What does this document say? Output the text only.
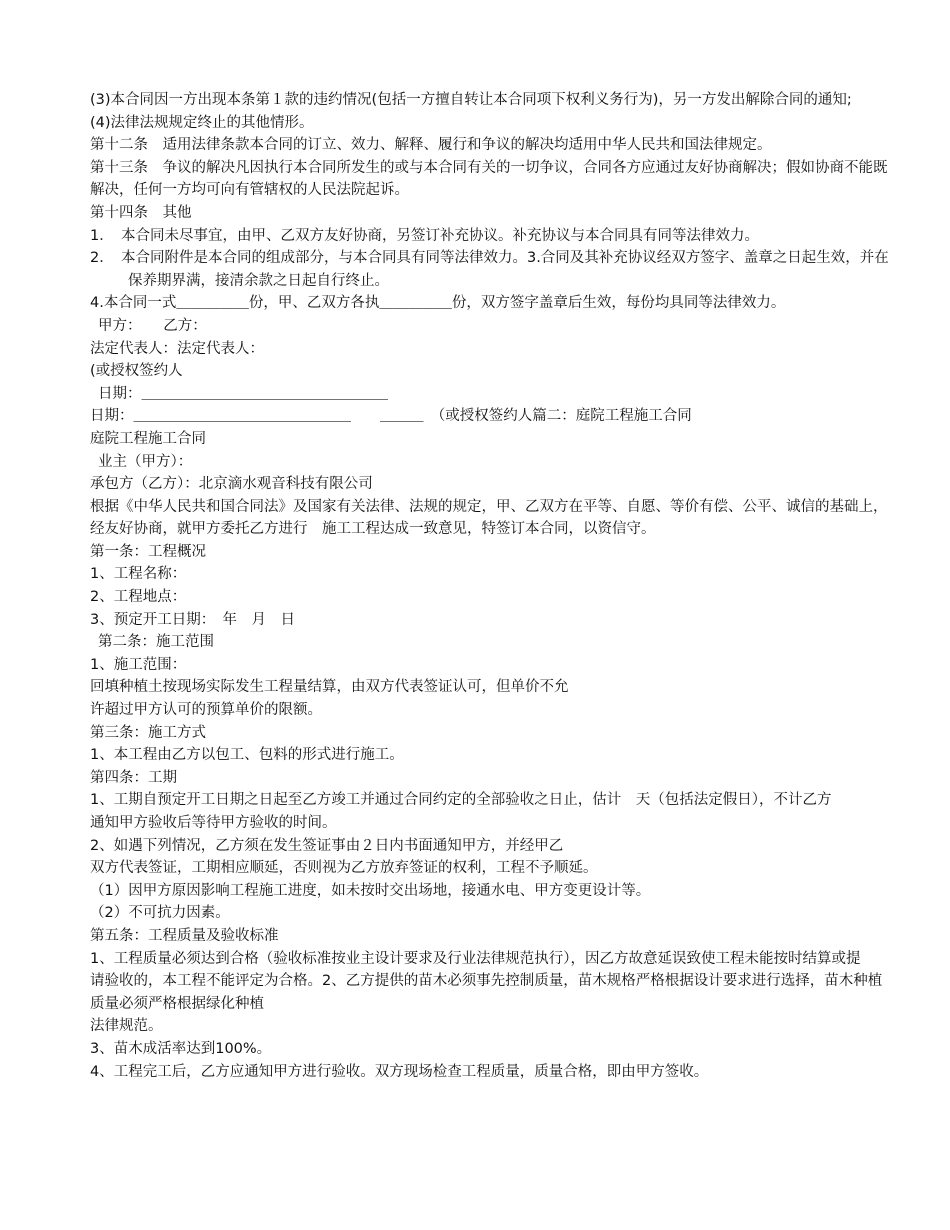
(3)本合同因一方出现本条第１款的违约情况(包括一方擅自转让本合同项下权利义务行为)，另一方发出解除合同的通知;
(4)法律法规规定终止的其他情形。
第十二条　适用法律条款本合同的订立、效力、解释、履行和争议的解决均适用中华人民共和国法律规定。
第十三条　争议的解决凡因执行本合同所发生的或与本合同有关的一切争议，合同各方应通过友好协商解决；假如协商不能既解决，任何一方均可向有管辖权的人民法院起诉。
第十四条　其他
1．　本合同未尽事宜，由甲、乙双方友好协商，另签订补充协议。补充协议与本合同具有同等法律效力。
2．　本合同附件是本合同的组成部分，与本合同具有同等法律效力。3.合同及其补充协议经双方签字、盖章之日起生效，并在保养期界满，接清余款之日起自行终止。
4.本合同一式＿＿＿＿＿份，甲、乙双方各执＿＿＿＿＿份，双方签字盖章后生效，每份均具同等法律效力。
甲方：　　乙方：
法定代表人：法定代表人：
(或授权签约人
日期：＿＿＿＿＿＿＿＿＿＿＿＿＿＿＿＿＿
日期：＿＿＿＿＿＿＿＿＿＿＿＿＿＿＿　　＿＿＿　（或授权签约人篇二：庭院工程施工合同
庭院工程施工合同
业主（甲方）：
承包方（乙方）：北京滴水观音科技有限公司
根据《中华人民共和国合同法》及国家有关法律、法规的规定，甲、乙双方在平等、自愿、等价有偿、公平、诚信的基础上，经友好协商，就甲方委托乙方进行　施工工程达成一致意见，特签订本合同，以资信守。
第一条：工程概况
1、工程名称：
2、工程地点：
3、预定开工日期：　年　月　日
第二条：施工范围
1、施工范围：
回填种植土按现场实际发生工程量结算，由双方代表签证认可，但单价不允
许超过甲方认可的预算单价的限额。
第三条：施工方式
1、本工程由乙方以包工、包料的形式进行施工。
第四条：工期
1、工期自预定开工日期之日起至乙方竣工并通过合同约定的全部验收之日止，估计　天（包括法定假日），不计乙方
通知甲方验收后等待甲方验收的时间。
2、如遇下列情况，乙方须在发生签证事由２日内书面通知甲方，并经甲乙
双方代表签证，工期相应顺延，否则视为乙方放弃签证的权利，工程不予顺延。
（1）因甲方原因影响工程施工进度，如未按时交出场地，接通水电、甲方变更设计等。
（2）不可抗力因素。
第五条：工程质量及验收标准
1、工程质量必须达到合格（验收标准按业主设计要求及行业法律规范执行），因乙方故意延误致使工程未能按时结算或提
请验收的，本工程不能评定为合格。2、乙方提供的苗木必须事先控制质量，苗木规格严格根据设计要求进行选择，苗木种植质量必须严格根据绿化种植
法律规范。
3、苗木成活率达到100%。
4、工程完工后，乙方应通知甲方进行验收。双方现场检查工程质量，质量合格，即由甲方签收。
